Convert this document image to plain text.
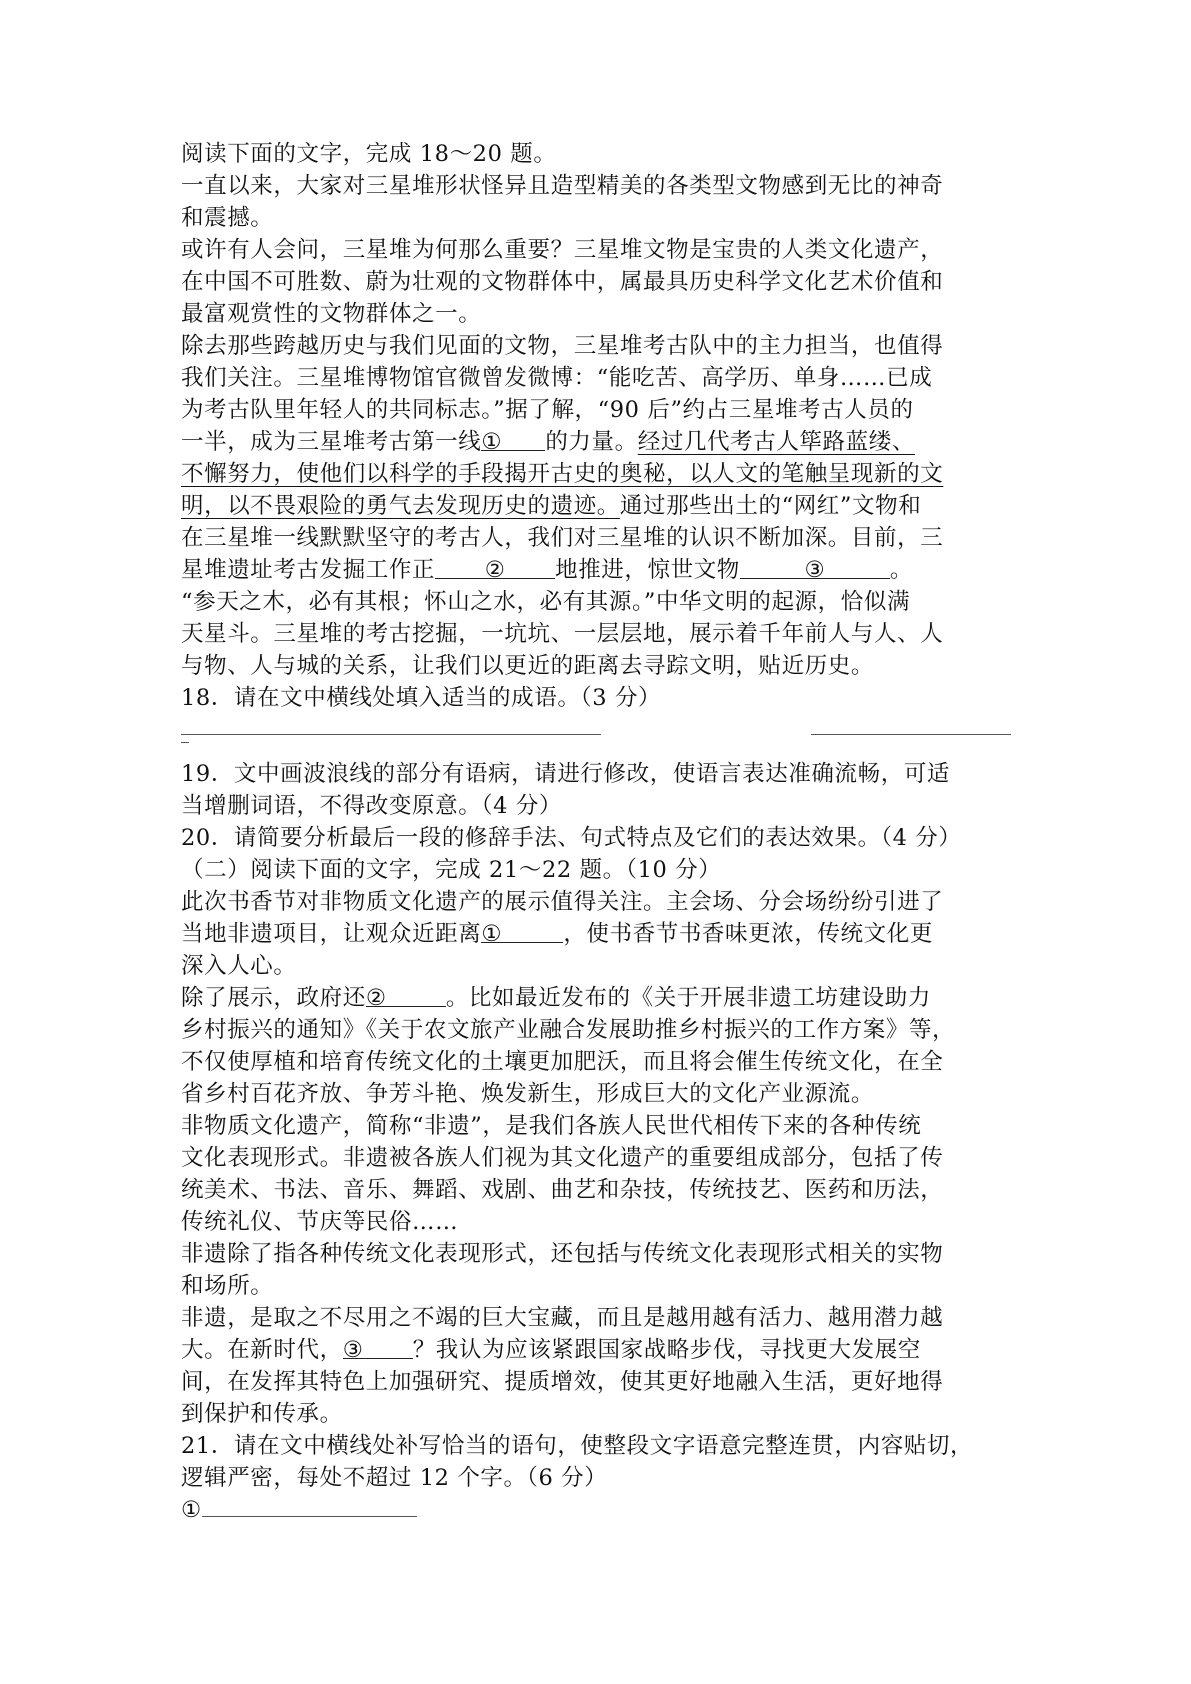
阅读下面的文字，完成 18～20 题。
一直以来，大家对三星堆形状怪异且造型精美的各类型文物感到无比的神奇
和震撼。
或许有人会问，三星堆为何那么重要？三星堆文物是宝贵的人类文化遗产，
在中国不可胜数、蔚为壮观的文物群体中，属最具历史科学文化艺术价值和
最富观赏性的文物群体之一。
除去那些跨越历史与我们见面的文物，三星堆考古队中的主力担当，也值得
我们关注。三星堆博物馆官微曾发微博：“能吃苦、高学历、单身……已成
为考古队里年轻人的共同标志。”据了解，“90 后”约占三星堆考古人员的
一半，成为三星堆考古第一线① 的力量。经过几代考古人筚路蓝缕、
不懈努力，使他们以科学的手段揭开古史的奥秘，以人文的笔触呈现新的文
明，以不畏艰险的勇气去发现历史的遗迹。通过那些出土的“网红”文物和
在三星堆一线默默坚守的考古人，我们对三星堆的认识不断加深。目前，三
星堆遗址考古发掘工作正 ② 地推进，惊世文物	③	。
“参天之木，必有其根；怀山之水，必有其源。”中华文明的起源，恰似满
天星斗。三星堆的考古挖掘，一坑坑、一层层地，展示着千年前人与人、人
与物、人与城的关系，让我们以更近的距离去寻踪文明，贴近历史。
18．请在文中横线处填入适当的成语。（3 分）
19．文中画波浪线的部分有语病，请进行修改，使语言表达准确流畅，可适
当增删词语，不得改变原意。（4 分）
20．请简要分析最后一段的修辞手法、句式特点及它们的表达效果。（4 分）
（二）阅读下面的文字，完成 21～22 题。（10 分）
此次书香节对非物质文化遗产的展示值得关注。主会场、分会场纷纷引进了
当地非遗项目，让观众近距离①	，使书香节书香味更浓，传统文化更
深入人心。
除了展示，政府还②	。比如最近发布的《关于开展非遗工坊建设助力
乡村振兴的通知》《关于农文旅产业融合发展助推乡村振兴的工作方案》等，
不仅使厚植和培育传统文化的土壤更加肥沃，而且将会催生传统文化，在全
省乡村百花齐放、争芳斗艳、焕发新生，形成巨大的文化产业源流。
非物质文化遗产，简称“非遗”，是我们各族人民世代相传下来的各种传统
文化表现形式。非遗被各族人们视为其文化遗产的重要组成部分，包括了传
统美术、书法、音乐、舞蹈、戏剧、曲艺和杂技，传统技艺、医药和历法，
传统礼仪、节庆等民俗……
非遗除了指各种传统文化表现形式，还包括与传统文化表现形式相关的实物
和场所。
非遗，是取之不尽用之不竭的巨大宝藏，而且是越用越有活力、越用潜力越
大。在新时代，③ ？我认为应该紧跟国家战略步伐，寻找更大发展空
间，在发挥其特色上加强研究、提质增效，使其更好地融入生活，更好地得
到保护和传承。
21．请在文中横线处补写恰当的语句，使整段文字语意完整连贯，内容贴切，
逻辑严密，每处不超过 12 个字。（6 分）
①
